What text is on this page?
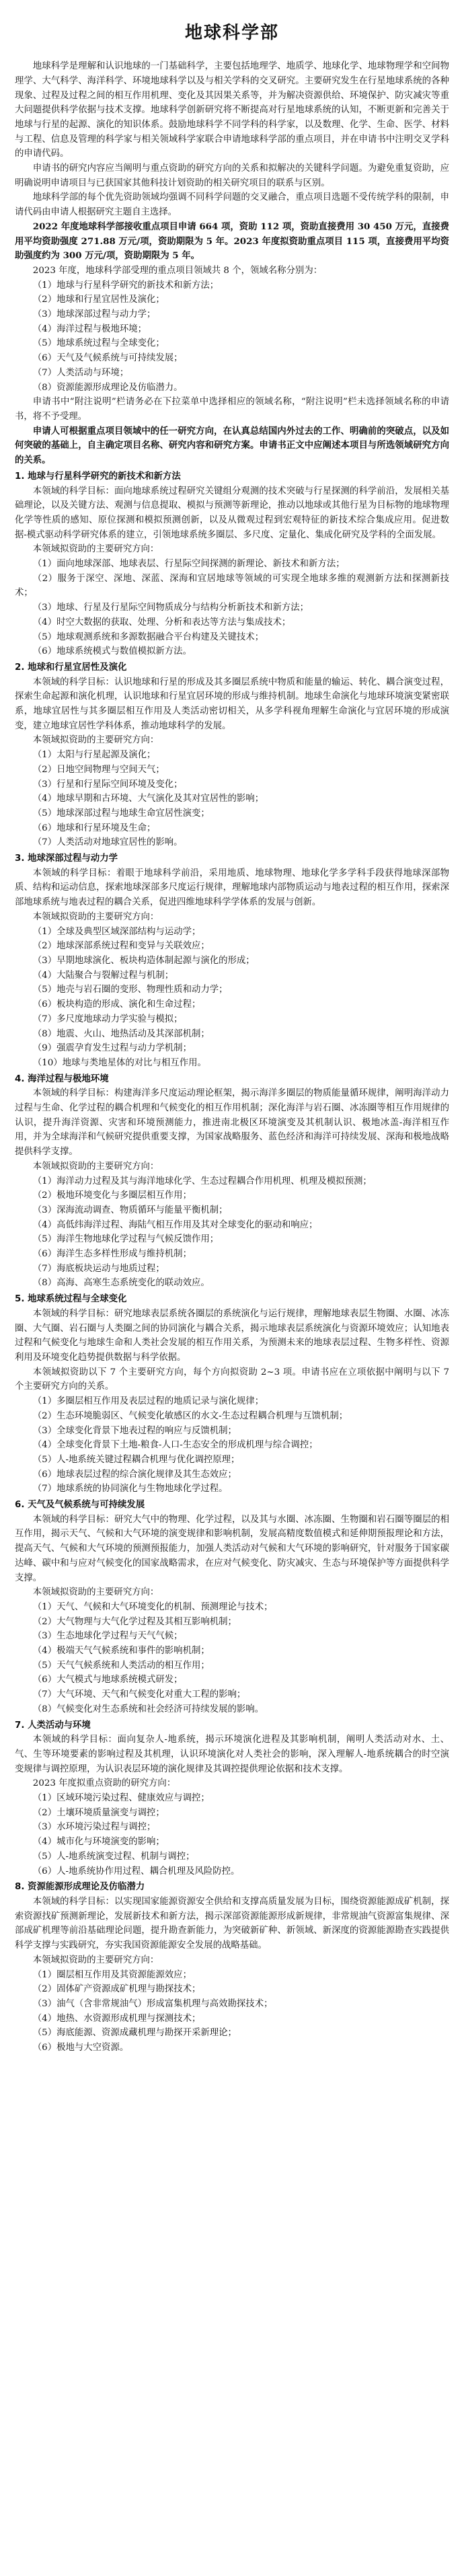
地球科学部

地球科学是理解和认识地球的一门基础科学，主要包括地理学、地质学、地球化学、地球物理学和空间物理学、大气科学、海洋科学、环境地球科学以及与相关学科的交叉研究。主要研究发生在行星地球系统的各种现象、过程及过程之间的相互作用机理、变化及其因果关系等，并为解决资源供给、环境保护、防灾减灾等重大问题提供科学依据与技术支撑。地球科学创新研究将不断提高对行星地球系统的认知，不断更新和完善关于地球与行星的起源、演化的知识体系。鼓励地球科学不同学科的科学家，以及数理、化学、生命、医学、材料与工程、信息及管理的科学家与相关领域科学家联合申请地球科学部的重点项目，并在申请书中注明交叉学科的申请代码。

申请书的研究内容应当阐明与重点资助的研究方向的关系和拟解决的关键科学问题。为避免重复资助，应明确说明申请项目与已获国家其他科技计划资助的相关研究项目的联系与区别。

地球科学部的每个优先资助领域均强调不同科学问题的交叉融合，重点项目选题不受传统学科的限制，申请代码由申请人根据研究主题自主选择。

2022 年度地球科学部接收重点项目申请 664 项，资助 112 项，资助直接费用 30 450 万元，直接费用平均资助强度 271.88 万元/项，资助期限为 5 年。2023 年度拟资助重点项目 115 项，直接费用平均资助强度约为 300 万元/项，资助期限为 5 年。

2023 年度，地球科学部受理的重点项目领域共 8 个，领域名称分别为：

（1）地球与行星科学研究的新技术和新方法；

（2）地球和行星宜居性及演化；

（3）地球深部过程与动力学；

（4）海洋过程与极地环境；

（5）地球系统过程与全球变化；

（6）天气及气候系统与可持续发展；

（7）人类活动与环境；

（8）资源能源形成理论及仿临潜力。

申请书中“附注说明”栏请务必在下拉菜单中选择相应的领域名称，“附注说明”栏未选择领域名称的申请书，将不予受理。

申请人可根据重点项目领域中的任一研究方向，在认真总结国内外过去的工作、明确前的突破点，以及如何突破的基础上，自主确定项目名称、研究内容和研究方案。申请书正文中应阐述本项目与所选领域研究方向的关系。

1. 地球与行星科学研究的新技术和新方法

本领域的科学目标：面向地球系统过程研究关键组分观测的技术突破与行星探测的科学前沿，发展相关基础理论，以及关键方法、观测与信息提取、模拟与预测等新理论，推动以地球或其他行星为目标物的地球物理化学等性质的感知、原位探测和模拟预测创新，以及从微观过程到宏观特征的新技术综合集成应用。促进数据-模式驱动科学研究体系的建立，引领地球系统多圈层、多尺度、定量化、集成化研究及学科的全面发展。

本领域拟资助的主要研究方向：

（1）面向地球深部、地球表层、行星际空间探测的新理论、新技术和新方法；

（2）服务于深空、深地、深蓝、深海和宜居地球等领域的可实现全地球多维的观测新方法和探测新技术；

（3）地球、行星及行星际空间物质成分与结构分析新技术和新方法；

（4）时空大数据的获取、处理、分析和表达等方法与集成技术；

（5）地球观测系统和多源数据融合平台构建及关键技术；

（6）地球系统模式与数值模拟新方法。

2. 地球和行星宜居性及演化

本领域的科学目标：认识地球和行星的形成及其多圈层系统中物质和能量的输运、转化、耦合演变过程，探索生命起源和演化机理，认识地球和行星宜居环境的形成与维持机制。地球生命演化与地球环境演变紧密联系，地球宜居性与其多圈层相互作用及人类活动密切相关，从多学科视角理解生命演化与宜居环境的形成演变，建立地球宜居性学科体系，推动地球科学的发展。

本领域拟资助的主要研究方向：

（1）太阳与行星起源及演化；

（2）日地空间物理与空间天气；

（3）行星和行星际空间环境及变化；

（4）地球早期和古环境、大气演化及其对宜居性的影响；

（5）地球深部过程与地球生命宜居性演变；

（6）地球和行星环境及生命；

（7）人类活动对地球宜居性的影响。

3. 地球深部过程与动力学

本领域的科学目标：着眼于地球科学前沿，采用地质、地球物理、地球化学多学科手段获得地球深部物质、结构和运动信息，探索地球深部多尺度运行规律，理解地球内部物质运动与地表过程的相互作用，探索深部地球系统与地表过程的耦合关系，促进四维地球科学学体系的发展与创新。

本领域拟资助的主要研究方向：

（1）全球及典型区域深部结构与运动学；

（2）地球深部系统过程和变异与关联效应；

（3）早期地球演化、板块构造体制起源与演化的形成；

（4）大陆聚合与裂解过程与机制；

（5）地壳与岩石圈的变形、物理性质和动力学；

（6）板块构造的形成、演化和生命过程；

（7）多尺度地球动力学实验与模拟；

（8）地震、火山、地热活动及其深部机制；

（9）强震孕育发生过程与动力学机制；

（10）地球与类地星体的对比与相互作用。

4. 海洋过程与极地环境

本领域的科学目标：构建海洋多尺度运动理论框架，揭示海洋多圈层的物质能量循环规律，阐明海洋动力过程与生命、化学过程的耦合机理和气候变化的相互作用机制；深化海洋与岩石圈、冰冻圈等相互作用规律的认识，提升海洋资源、灾害和环境预测能力，推进南北极区环境演变及其机制认识、极地冰盖-海洋相互作用，并为全球海洋和气候研究提供重要支撑，为国家战略服务、蓝色经济和海洋可持续发展、深海和极地战略提供科学支撑。

本领域拟资助的主要研究方向：

（1）海洋动力过程及其与海洋地球化学、生态过程耦合作用机理、机理及模拟预测；

（2）极地环境变化与多圈层相互作用；

（3）深海流动调查、物质循环与能量平衡机制；

（4）高低纬海洋过程、海陆气相互作用及其对全球变化的驱动和响应；

（5）海洋生物地球化学过程与气候反馈作用；

（6）海洋生态多样性形成与维持机制；

（7）海底板块运动与地质过程；

（8）高海、高寒生态系统变化的联动效应。

5. 地球系统过程与全球变化

本领域的科学目标：研究地球表层系统各圈层的系统演化与运行规律，理解地球表层生物圈、水圈、冰冻圈、大气圈、岩石圈与人类圈之间的协同演化与耦合关系，揭示地球表层系统演化与资源环境效应；认知地表过程和气候变化与地球生命和人类社会发展的相互作用关系，为预测未来的地球表层过程、生物多样性、资源利用及环境变化趋势提供数据与科学依据。

本领域拟资助以下 7 个主要研究方向，每个方向拟资助 2~3 项。申请书应在立项依据中阐明与以下 7 个主要研究方向的关系。

（1）多圈层相互作用及表层过程的地质记录与演化规律；

（2）生态环境脆弱区、气候变化敏感区的水文-生态过程耦合机理与互馈机制；

（3）全球变化背景下地表过程的响应与反馈机制；

（4）全球变化背景下土地-粮食-人口-生态安全的形成机理与综合调控；

（5）人-地系统关键过程耦合机理与优化调控原理；

（6）地球表层过程的综合演化规律及其生态效应；

（7）地球系统的协同演化与生物地球化学过程。

6. 天气及气候系统与可持续发展

本领域的科学目标：研究大气中的物理、化学过程，以及其与水圈、冰冻圈、生物圈和岩石圈等圈层的相互作用，揭示天气、气候和大气环境的演变规律和影响机制，发展高精度数值模式和延伸期预报理论和方法，提高天气、气候和大气环境的预测预报能力，加强人类活动对气候和大气环境的影响研究，针对服务于国家碳达峰、碳中和与应对气候变化的国家战略需求，在应对气候变化、防灾减灾、生态与环境保护等方面提供科学支撑。

本领域拟资助的主要研究方向：

（1）天气、气候和大气环境变化的机制、预测理论与技术；

（2）大气物理与大气化学过程及其相互影响机制；

（3）生态地球化学过程与天气气候；

（4）极端天气气候系统和事件的影响机制；

（5）天气气候系统和人类活动的相互作用；

（6）大气模式与地球系统模式研发；

（7）大气环境、天气和气候变化对重大工程的影响；

（8）气候变化对生态系统和社会经济可持续发展的影响。

7. 人类活动与环境

本领域的科学目标：面向复杂人-地系统，揭示环境演化进程及其影响机制，阐明人类活动对水、土、气、生等环境要素的影响过程及其机理，认识环境演化对人类社会的影响，深入理解人-地系统耦合的时空演变规律与调控原理，为认识表层环境的演化规律及其调控提供理论依据和技术支撑。

2023 年度拟重点资助的研究方向：

（1）区域环境污染过程、健康效应与调控；

（2）土壤环境质量演变与调控；

（3）水环境污染过程与调控；

（4）城市化与环境演变的影响；

（5）人-地系统演变过程、机制与调控；

（6）人-地系统协作用过程、耦合机理及风险防控。

8. 资源能源形成理论及仿临潜力

本领域的科学目标：以实现国家能源资源安全供给和支撑高质量发展为目标，围绕资源能源成矿机制，探索资源找矿预测新理论，发展新技术和新方法，揭示深部资源能源形成新规律，非常规油气资源富集规律、深部成矿机理等前沿基础理论问题，提升勘查新能力，为突破新矿种、新领域、新深度的资源能源勘查实践提供科学支撑与实践研究，夯实我国资源能源安全发展的战略基础。

本领域拟资助的主要研究方向：

（1）圈层相互作用及其资源能源效应；

（2）固体矿产资源成矿机理与勘探技术；

（3）油气（含非常规油气）形成富集机理与高效勘探技术；

（4）地热、水资源形成机理与探测技术；

（5）海底能源、资源成藏机理与勘探开采新理论；

（6）极地与大空资源。
